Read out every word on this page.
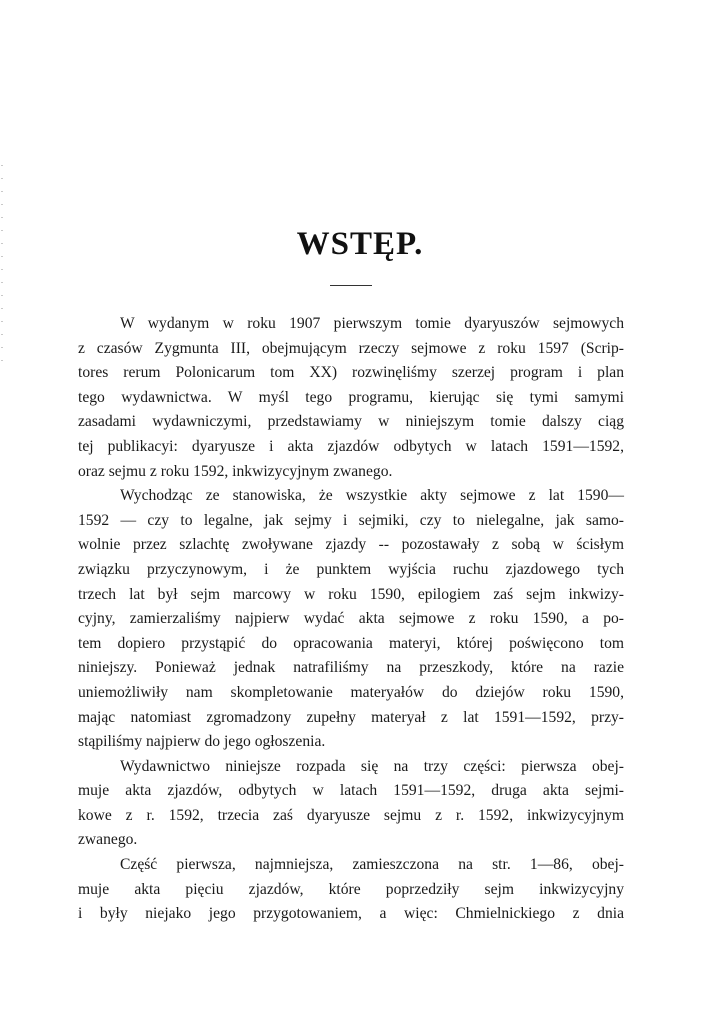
WSTĘP.
W wydanym w roku 1907 pierwszym tomie dyaryuszów sejmowych
z czasów Zygmunta III, obejmującym rzeczy sejmowe z roku 1597 (Scrip-
tores rerum Polonicarum tom XX) rozwinęliśmy szerzej program i plan
tego wydawnictwa. W myśl tego programu, kierując się tymi samymi
zasadami wydawniczymi, przedstawiamy w niniejszym tomie dalszy ciąg
tej publikacyi: dyaryusze i akta zjazdów odbytych w latach 1591—1592,
oraz sejmu z roku 1592, inkwizycyjnym zwanego.
Wychodząc ze stanowiska, że wszystkie akty sejmowe z lat 1590—
1592 — czy to legalne, jak sejmy i sejmiki, czy to nielegalne, jak samo-
wolnie przez szlachtę zwoływane zjazdy -- pozostawały z sobą w ścisłym
związku przyczynowym, i że punktem wyjścia ruchu zjazdowego tych
trzech lat był sejm marcowy w roku 1590, epilogiem zaś sejm inkwizy-
cyjny, zamierzaliśmy najpierw wydać akta sejmowe z roku 1590, a po-
tem dopiero przystąpić do opracowania materyi, której poświęcono tom
niniejszy. Ponieważ jednak natrafiliśmy na przeszkody, które na razie
uniemożliwiły nam skompletowanie materyałów do dziejów roku 1590,
mając natomiast zgromadzony zupełny materyał z lat 1591—1592, przy-
stąpiliśmy najpierw do jego ogłoszenia.
Wydawnictwo niniejsze rozpada się na trzy części: pierwsza obej-
muje akta zjazdów, odbytych w latach 1591—1592, druga akta sejmi-
kowe z r. 1592, trzecia zaś dyaryusze sejmu z r. 1592, inkwizycyjnym
zwanego.
Część pierwsza, najmniejsza, zamieszczona na str. 1—86, obej-
muje akta pięciu zjazdów, które poprzedziły sejm inkwizycyjny
i były niejako jego przygotowaniem, a więc: Chmielnickiego z dnia
